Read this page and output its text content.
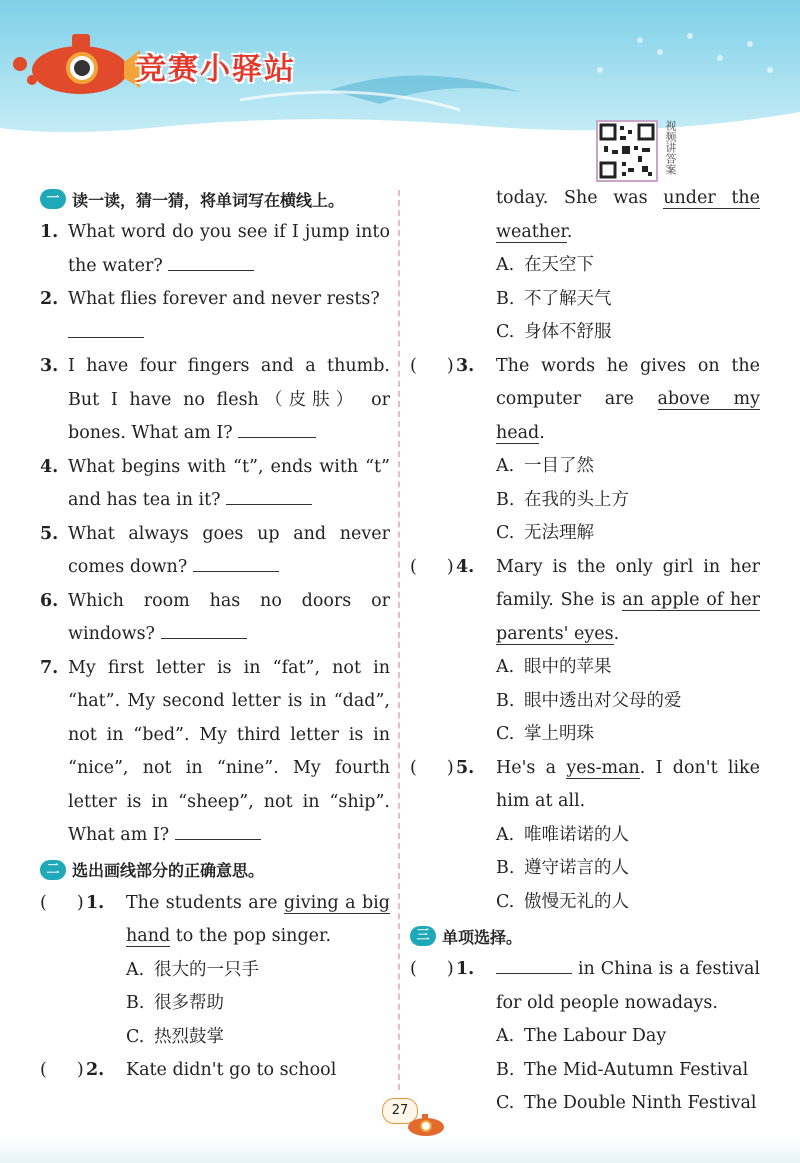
竞赛小驿站
视频讲答案
一 读一读，猜一猜，将单词写在横线上。
1. What word do you see if I jump into the water?
2. What flies forever and never rests?

3. I have four fingers and a thumb. But I have no flesh（皮肤） or bones. What am I?
4. What begins with “t”, ends with “t” and has tea in it?
5. What always goes up and never comes down?
6. Which room has no doors or windows?
7. My first letter is in “fat”, not in “hat”. My second letter is in “dad”, not in “bed”. My third letter is in “nice”, not in “nine”. My fourth letter is in “sheep”, not in “ship”. What am I?
二 选出画线部分的正确意思。
( ) 1.	The students are giving a big hand to the pop singer.
A. 很大的一只手
B. 很多帮助
C. 热烈鼓掌
( ) 2.	Kate didn't go to school
today. She was under the weather.
A. 在天空下
B. 不了解天气
C. 身体不舒服
( ) 3.	The words he gives on the computer are above my head.
A. 一目了然
B. 在我的头上方
C. 无法理解
( ) 4.	Mary is the only girl in her family. She is an apple of her parents' eyes.
A. 眼中的苹果
B. 眼中透出对父母的爱
C. 掌上明珠
( ) 5.	He's a yes-man. I don't like him at all.
A. 唯唯诺诺的人
B. 遵守诺言的人
C. 傲慢无礼的人
三 单项选择。
( ) 1.	in China is a festival for old people nowadays.
A. The Labour Day
B. The Mid-Autumn Festival
C. The Double Ninth Festival
27
